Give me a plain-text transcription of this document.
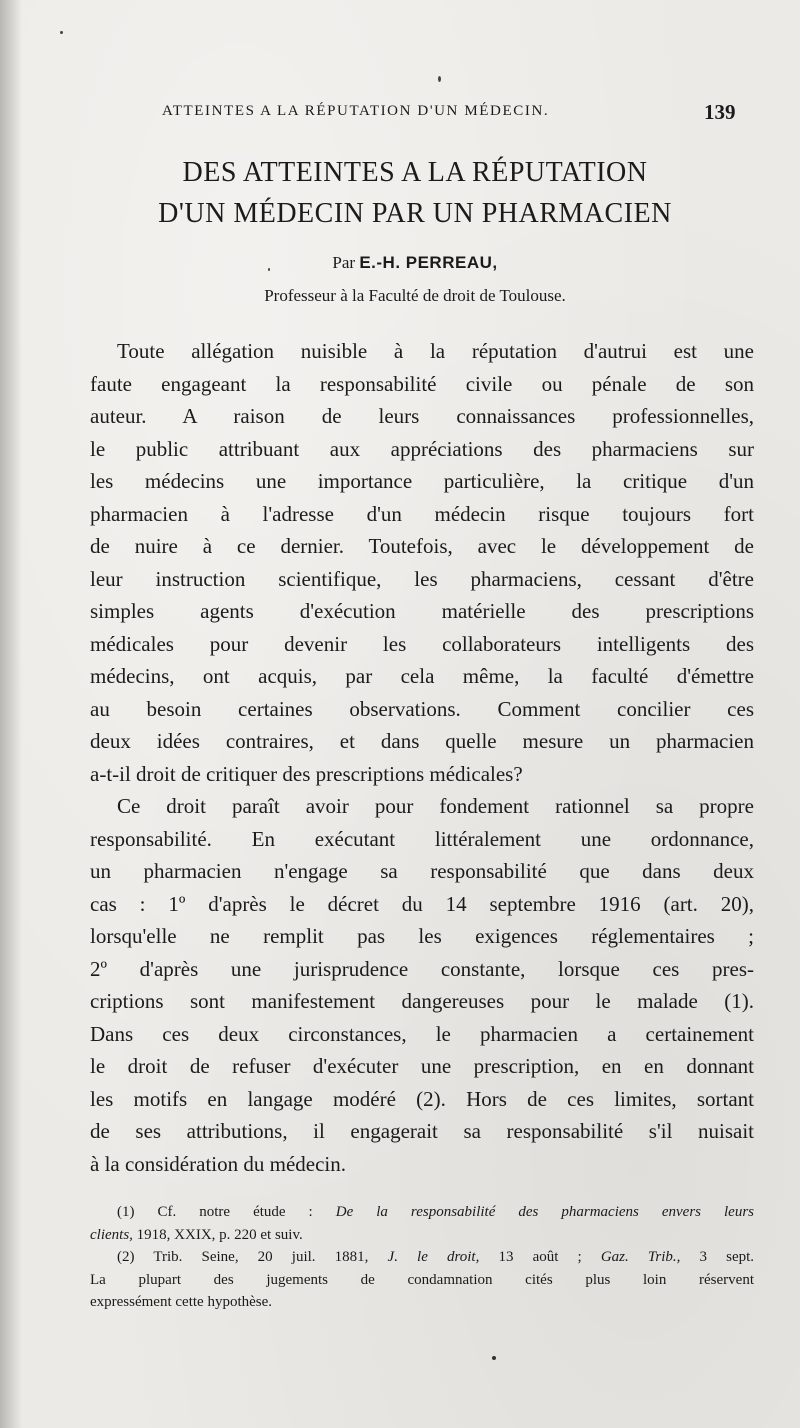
ATTEINTES A LA RÉPUTATION D'UN MÉDECIN.	139
DES ATTEINTES A LA RÉPUTATION
D'UN MÉDECIN PAR UN PHARMACIEN
Par E.-H. PERREAU,
Professeur à la Faculté de droit de Toulouse.
Toute allégation nuisible à la réputation d'autrui est une
faute engageant la responsabilité civile ou pénale de son
auteur. A raison de leurs connaissances professionnelles,
le public attribuant aux appréciations des pharmaciens sur
les médecins une importance particulière, la critique d'un
pharmacien à l'adresse d'un médecin risque toujours fort
de nuire à ce dernier. Toutefois, avec le développement de
leur instruction scientifique, les pharmaciens, cessant d'être
simples agents d'exécution matérielle des prescriptions
médicales pour devenir les collaborateurs intelligents des
médecins, ont acquis, par cela même, la faculté d'émettre
au besoin certaines observations. Comment concilier ces
deux idées contraires, et dans quelle mesure un pharmacien
a-t-il droit de critiquer des prescriptions médicales?
Ce droit paraît avoir pour fondement rationnel sa propre
responsabilité. En exécutant littéralement une ordonnance,
un pharmacien n'engage sa responsabilité que dans deux
cas : 1º d'après le décret du 14 septembre 1916 (art. 20),
lorsqu'elle ne remplit pas les exigences réglementaires ;
2º d'après une jurisprudence constante, lorsque ces pres-
criptions sont manifestement dangereuses pour le malade (1).
Dans ces deux circonstances, le pharmacien a certainement
le droit de refuser d'exécuter une prescription, en en donnant
les motifs en langage modéré (2). Hors de ces limites, sortant
de ses attributions, il engagerait sa responsabilité s'il nuisait
à la considération du médecin.
(1) Cf. notre étude : De la responsabilité des pharmaciens envers leurs
clients, 1918, XXIX, p. 220 et suiv.
(2) Trib. Seine, 20 juil. 1881, J. le droit, 13 août ; Gaz. Trib., 3 sept.
La plupart des jugements de condamnation cités plus loin réservent
expressément cette hypothèse.
